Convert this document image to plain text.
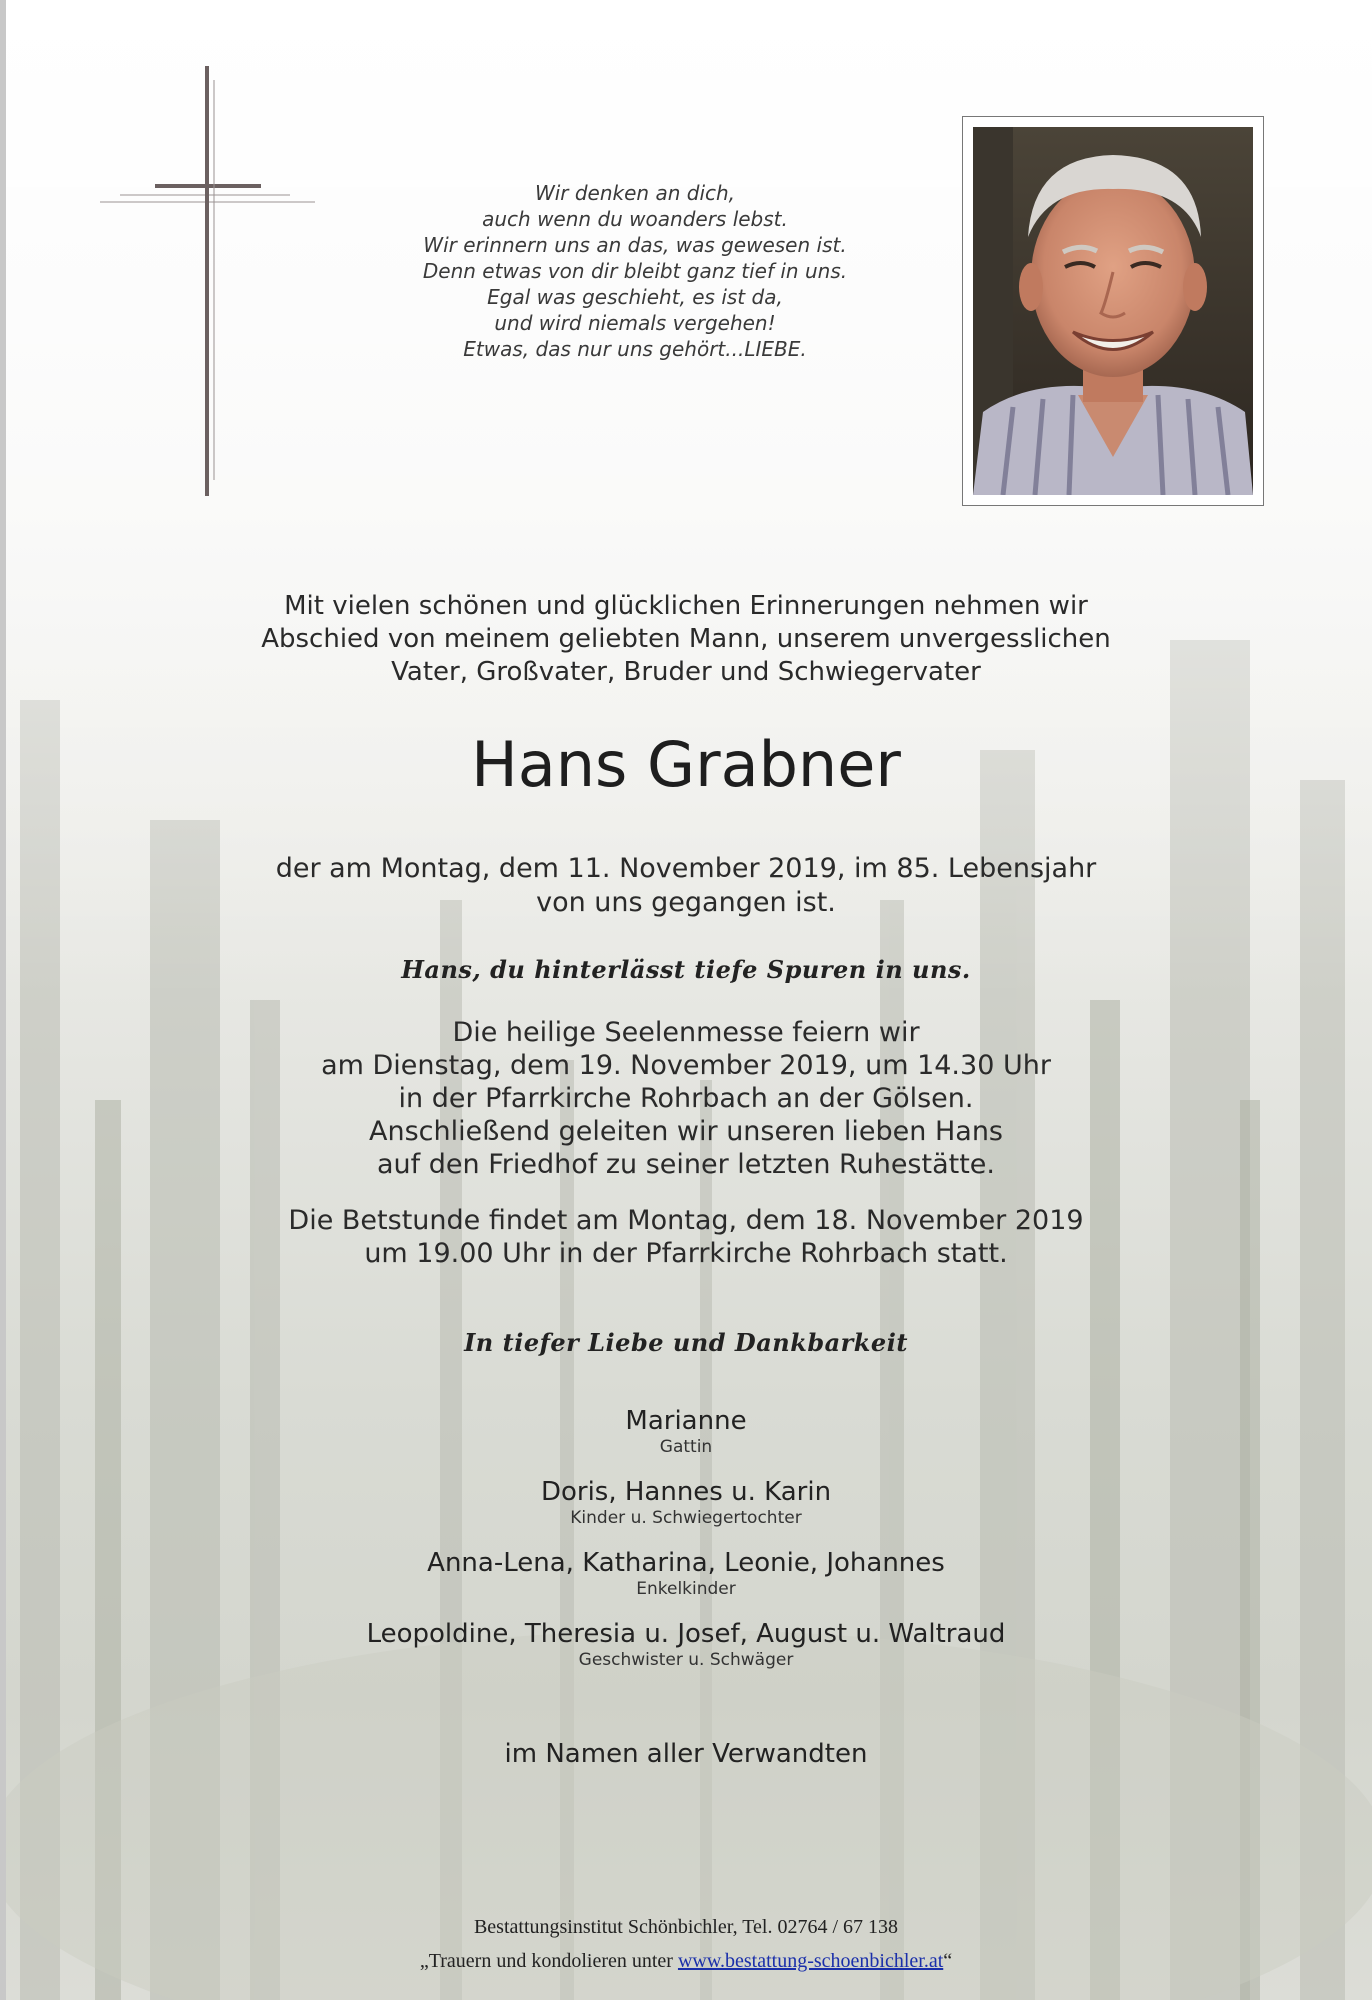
Wir denken an dich,
auch wenn du woanders lebst.
Wir erinnern uns an das, was gewesen ist.
Denn etwas von dir bleibt ganz tief in uns.
Egal was geschieht, es ist da,
und wird niemals vergehen!
Etwas, das nur uns gehört...LIEBE.
Mit vielen schönen und glücklichen Erinnerungen nehmen wir
Abschied von meinem geliebten Mann, unserem unvergesslichen
Vater, Großvater, Bruder und Schwiegervater
Hans Grabner
der am Montag, dem 11. November 2019, im 85. Lebensjahr
von uns gegangen ist.
Hans, du hinterlässt tiefe Spuren in uns.
Die heilige Seelenmesse feiern wir
am Dienstag, dem 19. November 2019, um 14.30 Uhr
in der Pfarrkirche Rohrbach an der Gölsen.
Anschließend geleiten wir unseren lieben Hans
auf den Friedhof zu seiner letzten Ruhestätte.
Die Betstunde findet am Montag, dem 18. November 2019
um 19.00 Uhr in der Pfarrkirche Rohrbach statt.
In tiefer Liebe und Dankbarkeit
Marianne
Gattin
Doris, Hannes u. Karin
Kinder u. Schwiegertochter
Anna-Lena, Katharina, Leonie, Johannes
Enkelkinder
Leopoldine, Theresia u. Josef, August u. Waltraud
Geschwister u. Schwäger
im Namen aller Verwandten
Bestattungsinstitut Schönbichler, Tel. 02764 / 67 138
„Trauern und kondolieren unter www.bestattung-schoenbichler.at“
